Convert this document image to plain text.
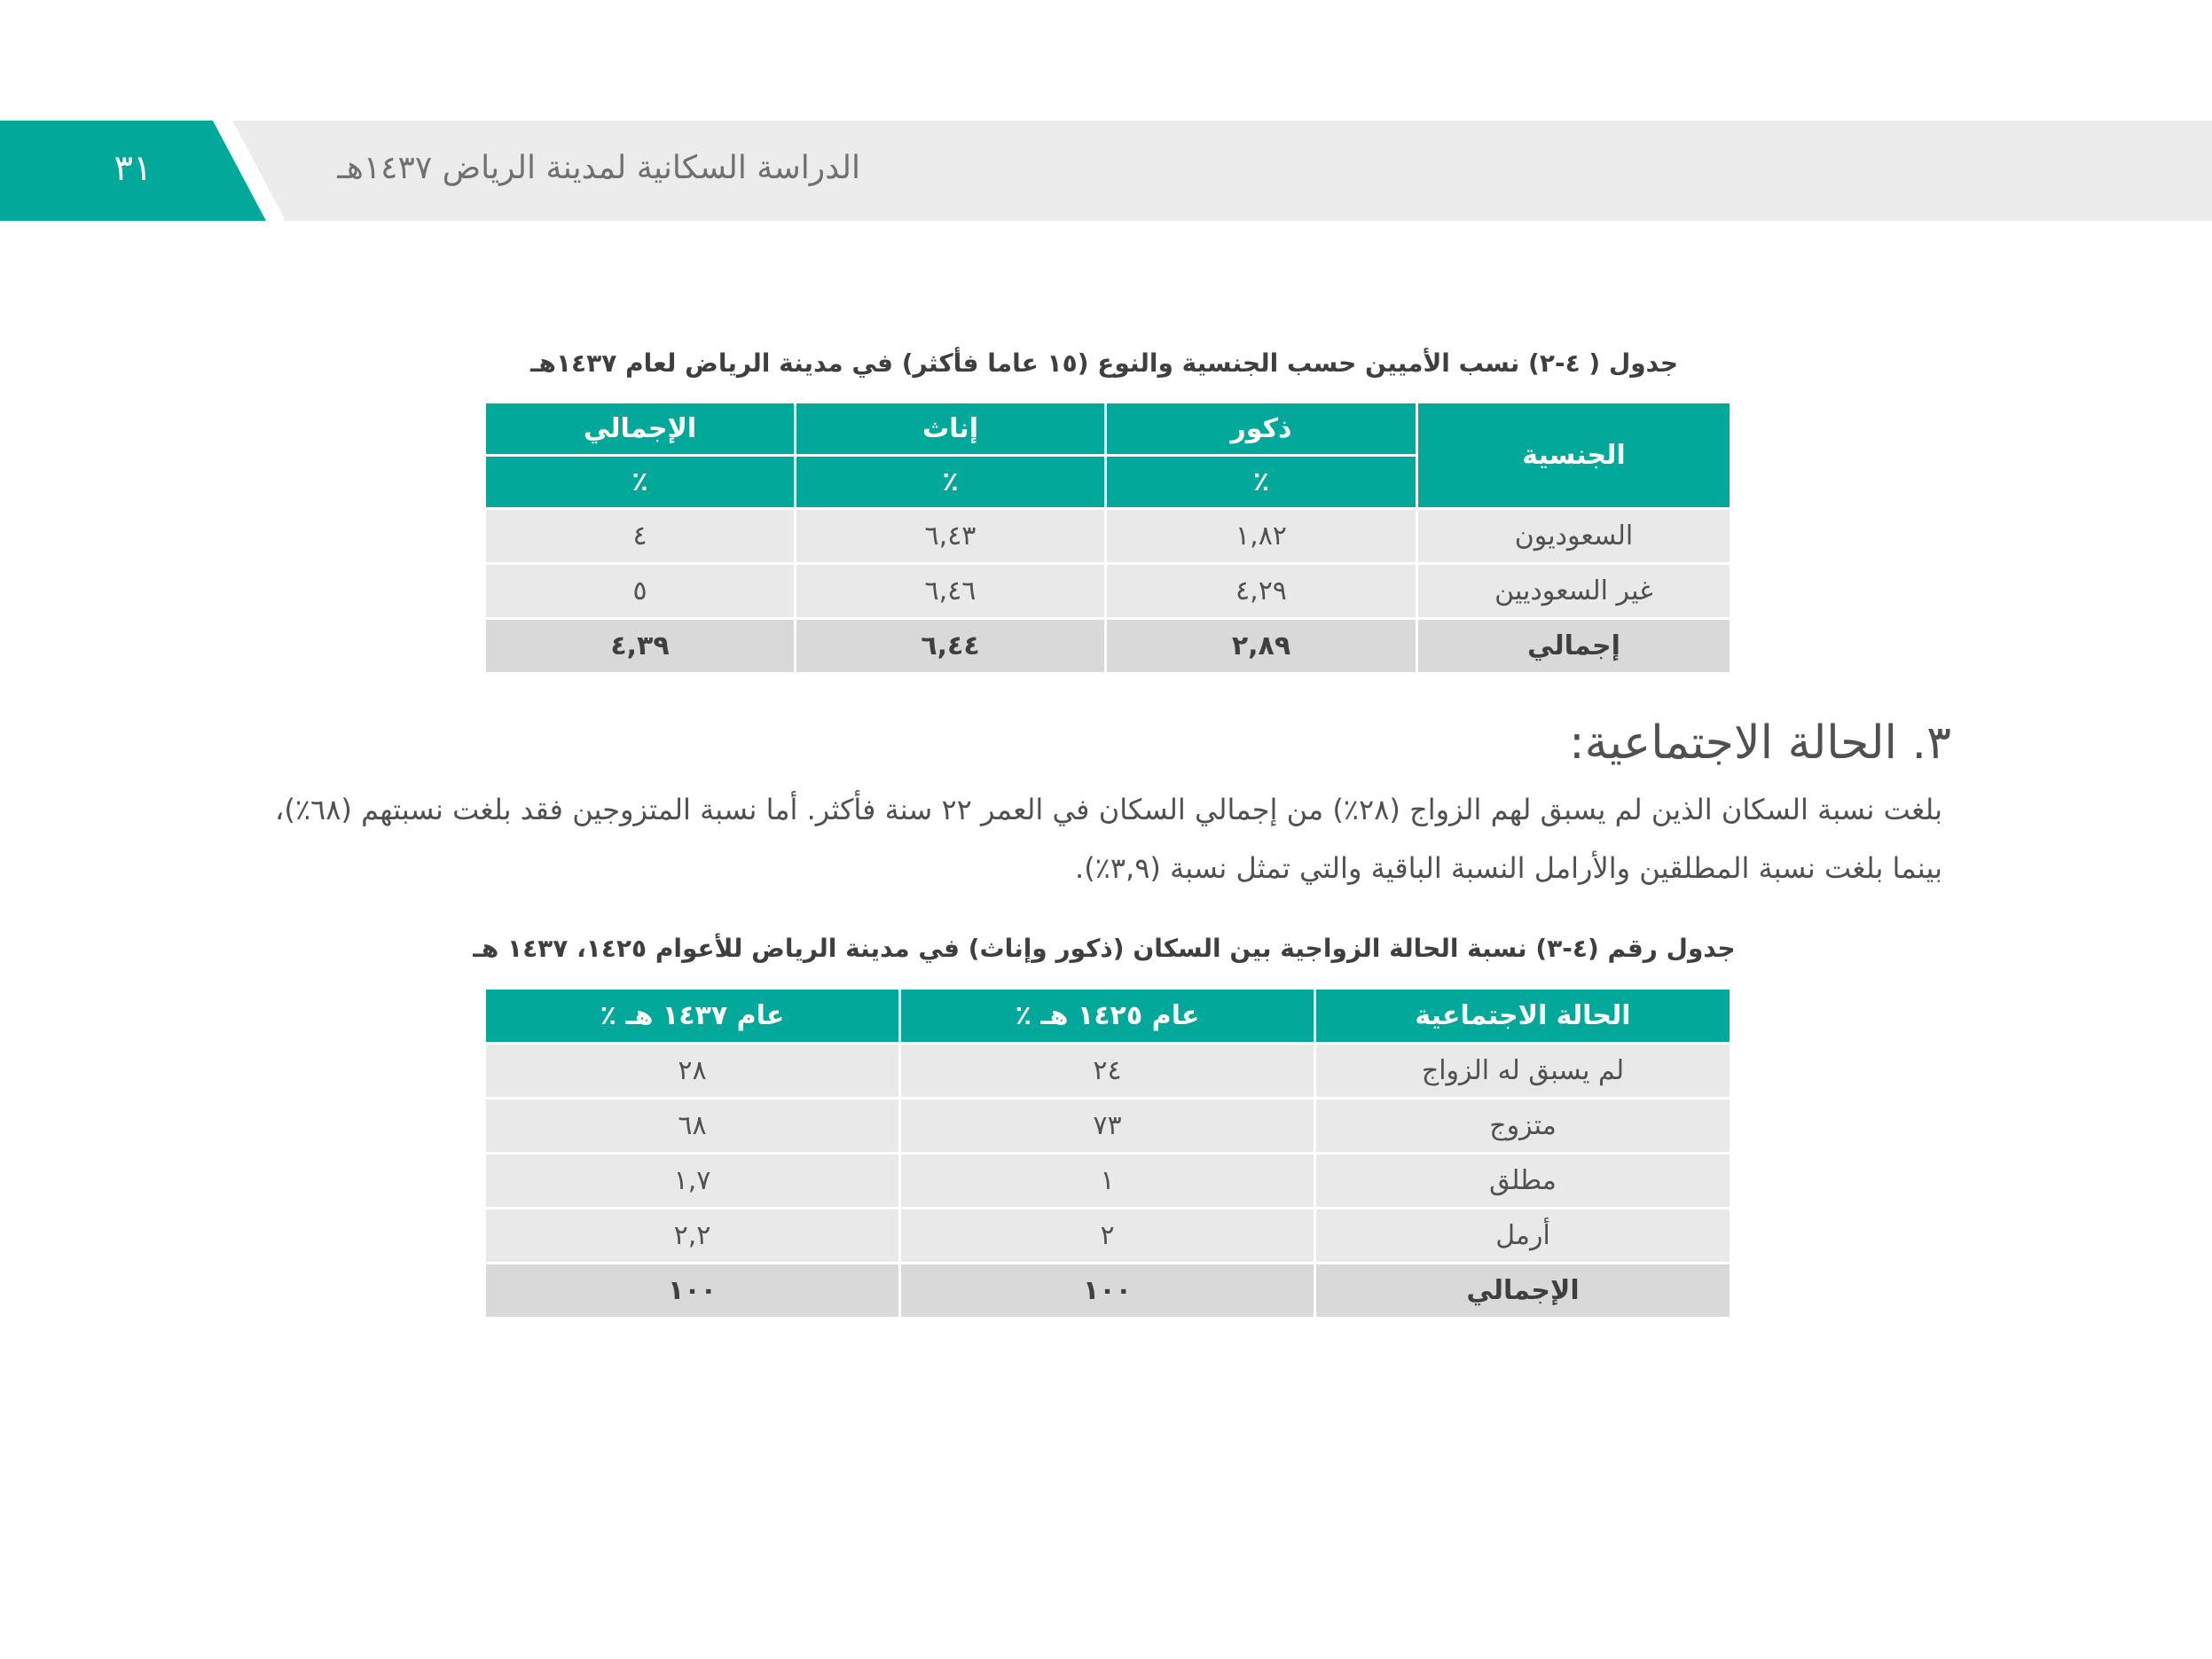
٣١	الدراسة السكانية لمدينة الرياض ١٤٣٧هـ
جدول ( ٤-٢) نسب الأميين حسب الجنسية والنوع (١٥ عاما فأكثر) في مدينة الرياض لعام ١٤٣٧هـ
الجنسية	ذكور	إناث	الإجمالي
	٪	٪	٪
السعوديون	١,٨٢	٦,٤٣	٤
غير السعوديين	٤,٢٩	٦,٤٦	٥
إجمالي	٢,٨٩	٦,٤٤	٤,٣٩
٣. الحالة الاجتماعية:
بلغت نسبة السكان الذين لم يسبق لهم الزواج (٢٨٪) من إجمالي السكان في العمر ٢٢ سنة فأكثر. أما نسبة المتزوجين فقد بلغت نسبتهم (٦٨٪)، بينما بلغت نسبة المطلقين والأرامل النسبة الباقية والتي تمثل نسبة (٣,٩٪).
جدول رقم (٤-٣) نسبة الحالة الزواجية بين السكان (ذكور وإناث) في مدينة الرياض للأعوام ١٤٢٥، ١٤٣٧ هـ
الحالة الاجتماعية	عام ١٤٢٥ هـ ٪	عام ١٤٣٧ هـ ٪
لم يسبق له الزواج	٢٤	٢٨
متزوج	٧٣	٦٨
مطلق	١	١,٧
أرمل	٢	٢,٢
الإجمالي	١٠٠	١٠٠
